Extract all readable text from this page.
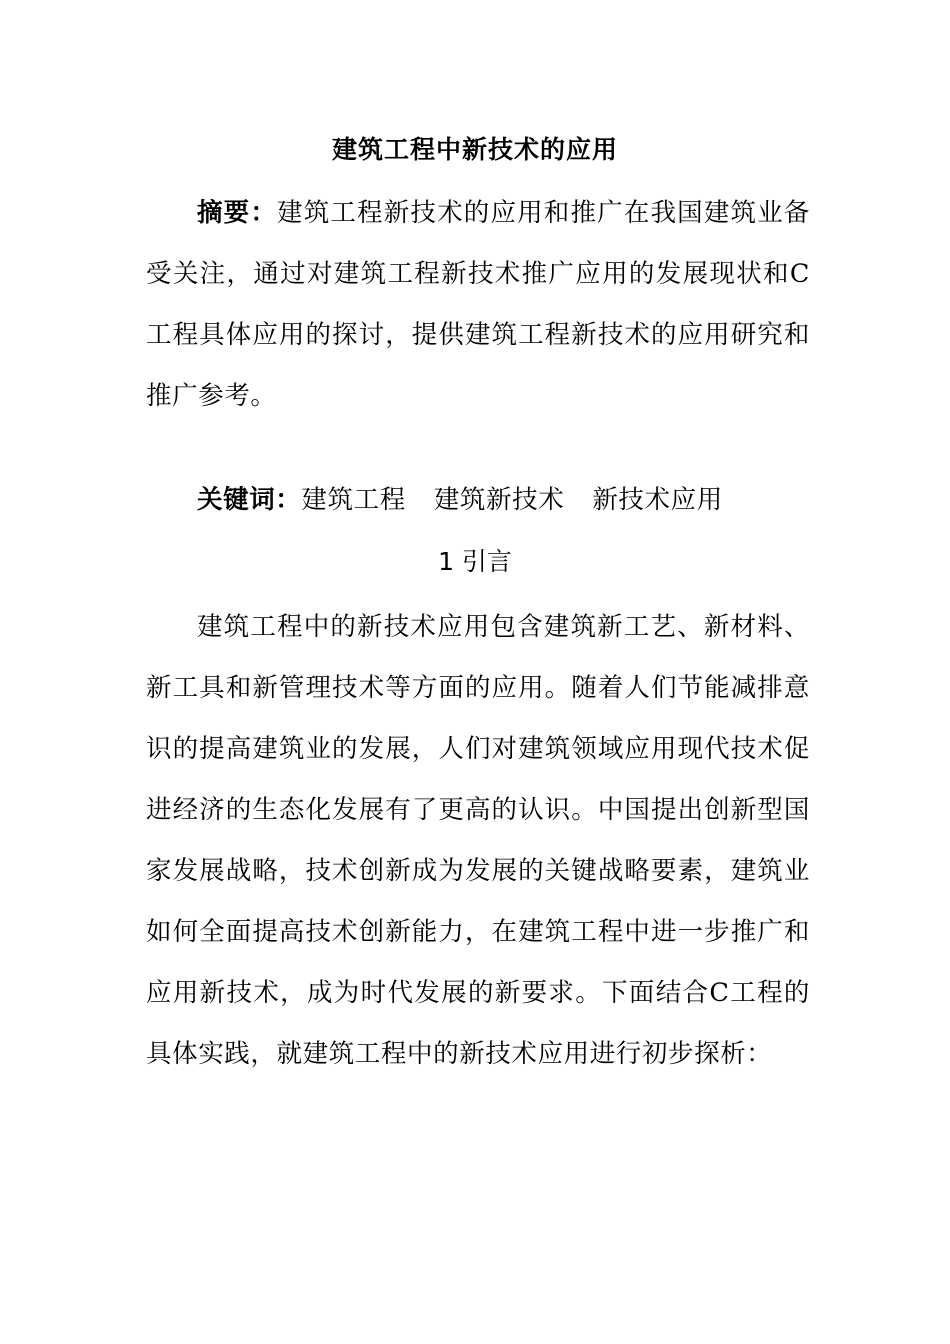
建筑工程中新技术的应用

摘要：建筑工程新技术的应用和推广在我国建筑业备受关注，通过对建筑工程新技术推广应用的发展现状和C工程具体应用的探讨，提供建筑工程新技术的应用研究和推广参考。

关键词：建筑工程 建筑新技术 新技术应用
1 引言

建筑工程中的新技术应用包含建筑新工艺、新材料、新工具和新管理技术等方面的应用。随着人们节能减排意识的提高建筑业的发展，人们对建筑领域应用现代技术促进经济的生态化发展有了更高的认识。中国提出创新型国家发展战略，技术创新成为发展的关键战略要素，建筑业如何全面提高技术创新能力，在建筑工程中进一步推广和应用新技术，成为时代发展的新要求。下面结合C工程的具体实践，就建筑工程中的新技术应用进行初步探析：
